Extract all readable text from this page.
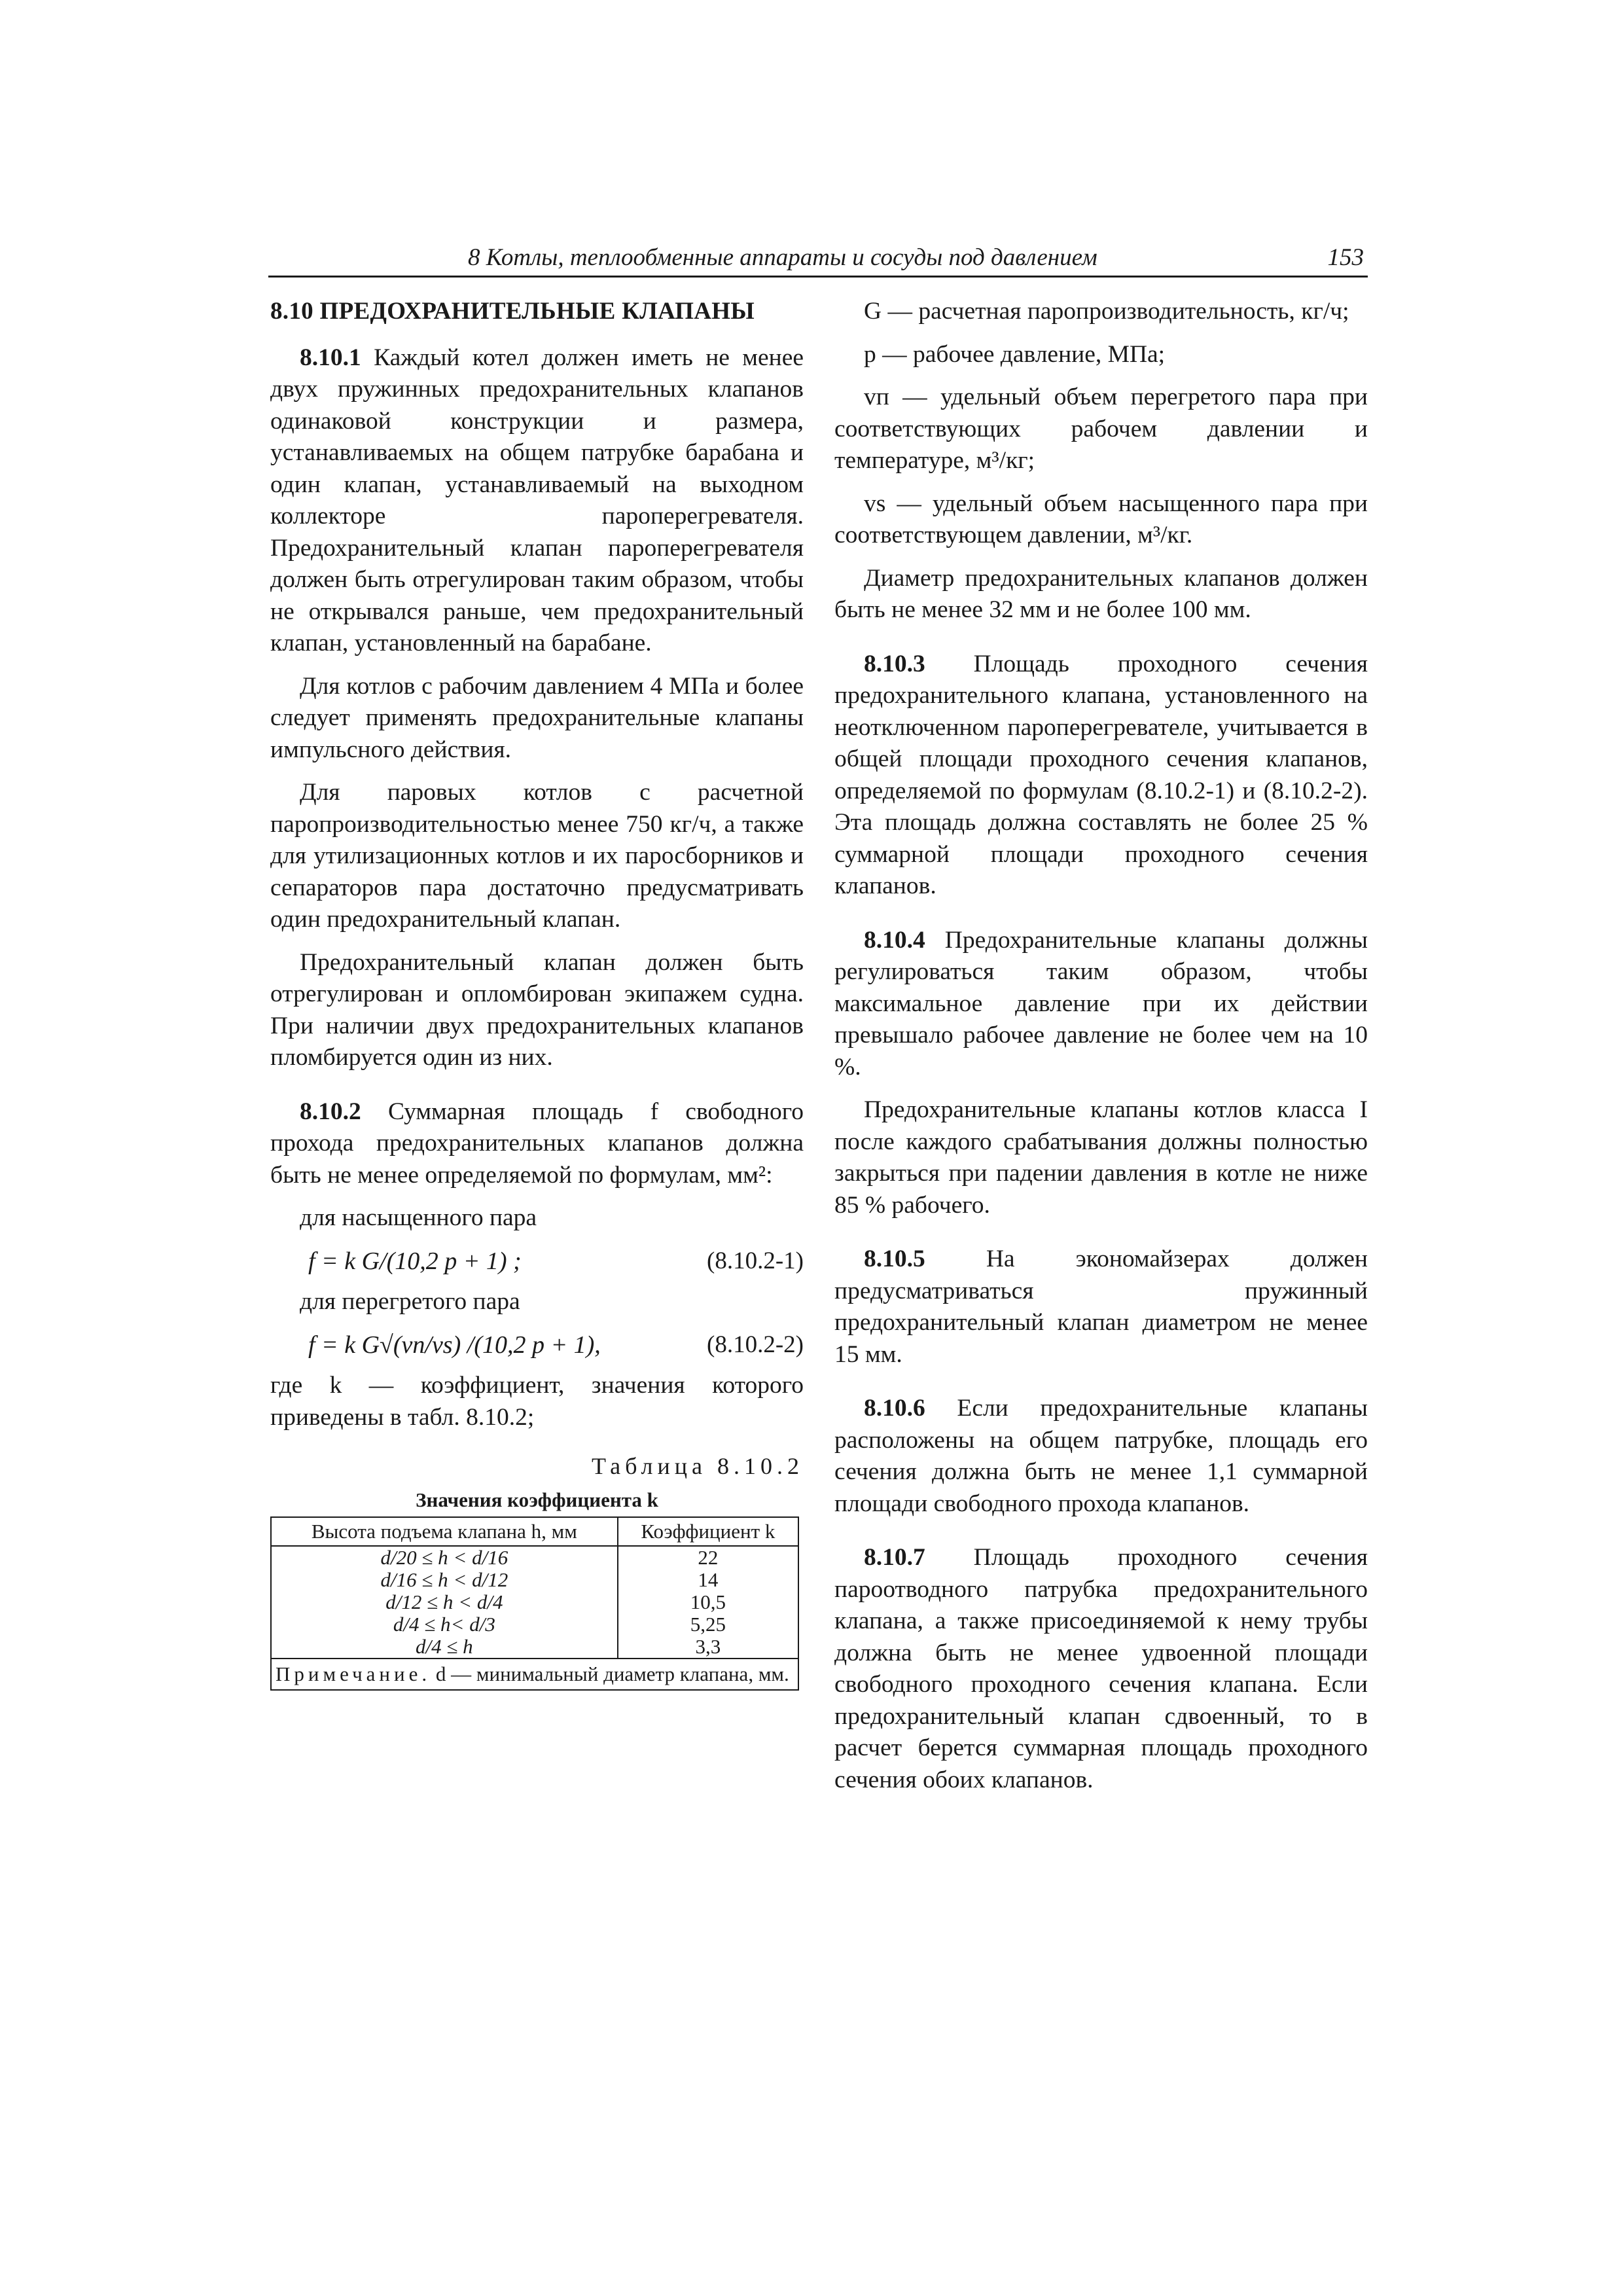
8 Котлы, теплообменные аппараты и сосуды под давлением	153

8.10 ПРЕДОХРАНИТЕЛЬНЫЕ КЛАПАНЫ

8.10.1 Каждый котел должен иметь не менее двух пружинных предохранительных клапанов одинаковой конструкции и размера, устанавливаемых на общем патрубке барабана и один клапан, устанавливаемый на выходном коллекторе пароперегревателя. Предохранительный клапан пароперегревателя должен быть отрегулирован таким образом, чтобы не открывался раньше, чем предохранительный клапан, установленный на барабане.

Для котлов с рабочим давлением 4 МПа и более следует применять предохранительные клапаны импульсного действия.

Для паровых котлов с расчетной паропроизводительностью менее 750 кг/ч, а также для утилизационных котлов и их паросборников и сепараторов пара достаточно предусматривать один предохранительный клапан.

Предохранительный клапан должен быть отрегулирован и опломбирован экипажем судна. При наличии двух предохранительных клапанов пломбируется один из них.

8.10.2 Суммарная площадь f свободного прохода предохранительных клапанов должна быть не менее определяемой по формулам, мм²:

для насыщенного пара

f = k G/(10,2 p + 1) ;	(8.10.2-1)

для перегретого пара

f = k G√(vп/vs) /(10,2 p + 1),	(8.10.2-2)

где k — коэффициент, значения которого приведены в табл. 8.10.2;

Таблица 8.10.2
Значения коэффициента k
Высота подъема клапана h, мм	Коэффициент k
d/20 ≤ h < d/16	22
d/16 ≤ h < d/12	14
d/12 ≤ h < d/4	10,5
d/4 ≤ h< d/3	5,25
d/4 ≤ h	3,3
Примечание. d — минимальный диаметр клапана, мм.	

G — расчетная паропроизводительность, кг/ч;

p — рабочее давление, МПа;

vп — удельный объем перегретого пара при соответствующих рабочем давлении и температуре, м³/кг;

vs — удельный объем насыщенного пара при соответствующем давлении, м³/кг.

Диаметр предохранительных клапанов должен быть не менее 32 мм и не более 100 мм.

8.10.3 Площадь проходного сечения предохранительного клапана, установленного на неотключенном пароперегревателе, учитывается в общей площади проходного сечения клапанов, определяемой по формулам (8.10.2-1) и (8.10.2-2). Эта площадь должна составлять не более 25 % суммарной площади проходного сечения клапанов.

8.10.4 Предохранительные клапаны должны регулироваться таким образом, чтобы максимальное давление при их действии превышало рабочее давление не более чем на 10 %.

Предохранительные клапаны котлов класса I после каждого срабатывания должны полностью закрыться при падении давления в котле не ниже 85 % рабочего.

8.10.5 На экономайзерах должен предусматриваться пружинный предохранительный клапан диаметром не менее 15 мм.

8.10.6 Если предохранительные клапаны расположены на общем патрубке, площадь его сечения должна быть не менее 1,1 суммарной площади свободного прохода клапанов.

8.10.7 Площадь проходного сечения пароотводного патрубка предохранительного клапана, а также присоединяемой к нему трубы должна быть не менее удвоенной площади свободного проходного сечения клапана. Если предохранительный клапан сдвоенный, то в расчет берется суммарная площадь проходного сечения обоих клапанов.
